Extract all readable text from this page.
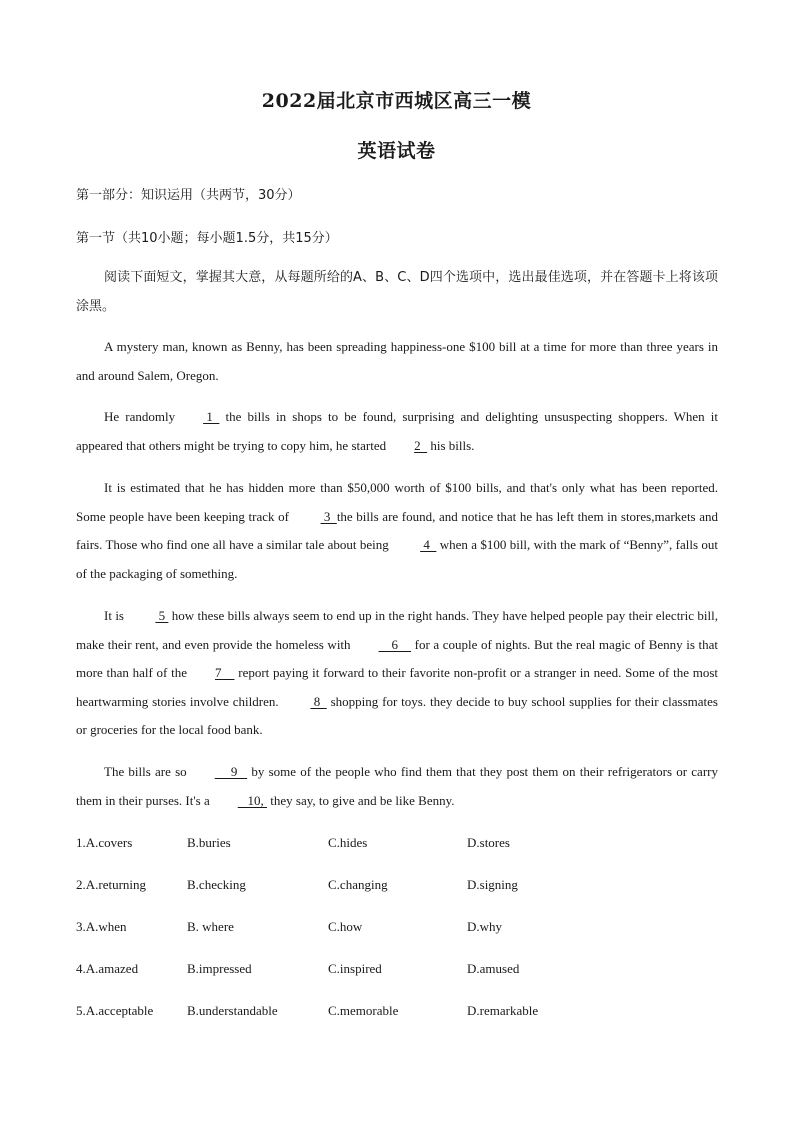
2022届北京市西城区高三一模
英语试卷
第一部分：知识运用（共两节，30分）
第一节（共10小题；每小题1.5分，共15分）

阅读下面短文，掌握其大意，从每题所给的A、B、C、D四个选项中，选出最佳选项，并在答题卡上将该项涂黑。

A mystery man, known as Benny, has been spreading happiness-one $100 bill at a time for more than three years in and around Salem, Oregon.

He randomly 1   the bills in shops to be found, surprising and delighting unsuspecting shoppers. When it appeared that others might be trying to copy him, he started 2   his bills.

It is estimated that he has hidden more than $50,000 worth of $100 bills, and that's only what has been reported. Some people have been keeping track of  3  the bills are found, and notice that he has left them in stores,markets and fairs. Those who find one all have a similar tale about being  4   when a $100 bill, with the mark of “Benny”, falls out of the packaging of something.

It is  5  how these bills always seem to end up in the right hands. They have helped people pay their electric bill, make their rent, and even provide the homeless with    6     for a couple of nights. But the real magic of Benny is that more than half of the 7     report paying it forward to their favorite non-profit or a stranger in need. Some of the most heartwarming stories involve children.  8   shopping for toys. they decide to buy school supplies for their classmates or groceries for the local food bank.

The bills are so     9    by some of the people who find them that they post them on their refrigerators or carry them in their purses. It's a   10,  they say, to give and be like Benny.

1.A.covers	B.buries	C.hides	D.stores
2.A.returning	B.checking	C.changing	D.signing
3.A.when	B. where	C.how	D.why
4.A.amazed	B.impressed	C.inspired	D.amused
5.A.acceptable	B.understandable	C.memorable	D.remarkable
